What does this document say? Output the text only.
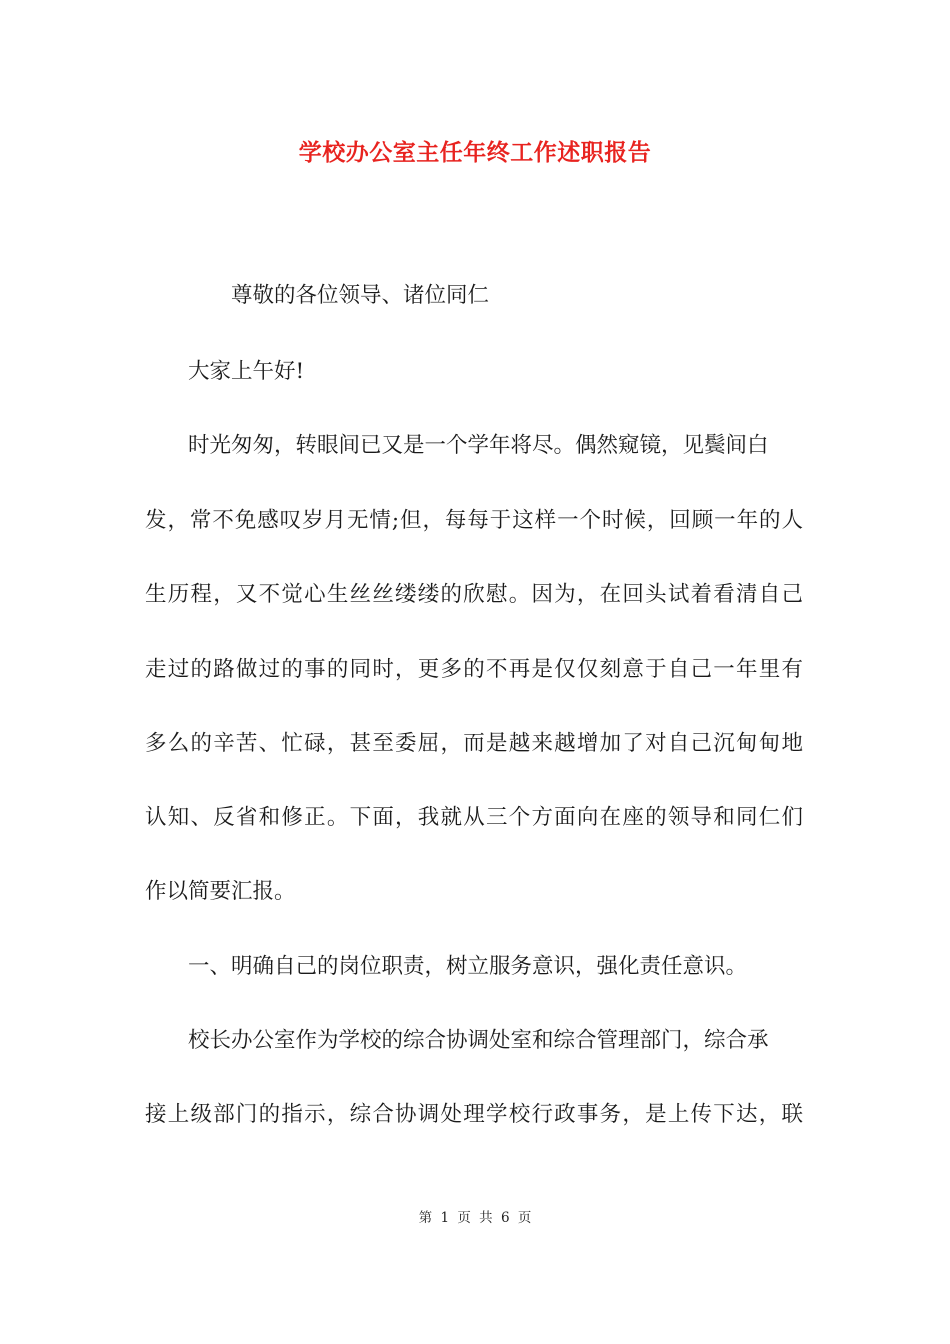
学校办公室主任年终工作述职报告
尊敬的各位领导、诸位同仁
大家上午好!
时光匆匆，转眼间已又是一个学年将尽。偶然窥镜，见鬓间白
发，常不免感叹岁月无情;但，每每于这样一个时候，回顾一年的人
生历程，又不觉心生丝丝缕缕的欣慰。因为，在回头试着看清自己
走过的路做过的事的同时，更多的不再是仅仅刻意于自己一年里有
多么的辛苦、忙碌，甚至委屈，而是越来越增加了对自己沉甸甸地
认知、反省和修正。下面，我就从三个方面向在座的领导和同仁们
作以简要汇报。
一、明确自己的岗位职责，树立服务意识，强化责任意识。
校长办公室作为学校的综合协调处室和综合管理部门，综合承
接上级部门的指示，综合协调处理学校行政事务，是上传下达，联
第 1 页 共 6 页
